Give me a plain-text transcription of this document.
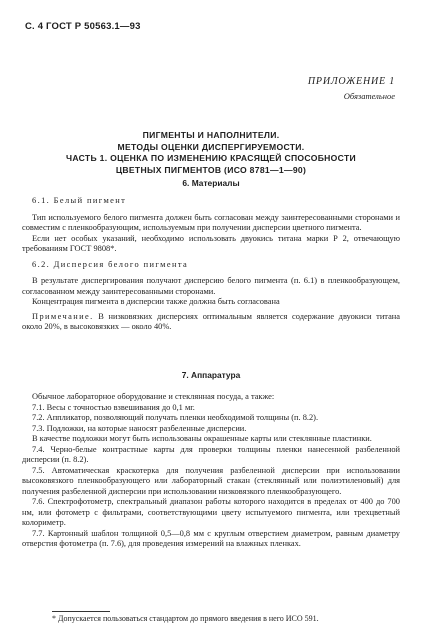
С. 4 ГОСТ Р 50563.1—93
ПРИЛОЖЕНИЕ 1
Обязательное
ПИГМЕНТЫ И НАПОЛНИТЕЛИ.
МЕТОДЫ ОЦЕНКИ ДИСПЕРГИРУЕМОСТИ.
ЧАСТЬ 1. ОЦЕНКА ПО ИЗМЕНЕНИЮ КРАСЯЩЕЙ СПОСОБНОСТИ
ЦВЕТНЫХ ПИГМЕНТОВ (ИСО 8781—1—90)
6. Материалы

6.1. Белый пигмент

Тип используемого белого пигмента должен быть согласован между заинтересованными сторонами и совместим с пленкообразующим, используемым при получении дисперсии цветного пигмента.

Если нет особых указаний, необходимо использовать двуокись титана марки Р 2, отвечающую требованиям ГОСТ 9808*.

6.2. Дисперсия белого пигмента

В результате диспергирования получают дисперсию белого пигмента (п. 6.1) в пленкообразующем, согласованном между заинтересованными сторонами.

Концентрация пигмента в дисперсии также должна быть согласована

Примечание. В низковязких дисперсиях оптимальным является содержание двуокиси титана около 20%, в высоковязких — около 40%.

7. Аппаратура

Обычное лабораторное оборудование и стеклянная посуда, а также:

7.1. Весы с точностью взвешивания до 0,1 мг.

7.2. Аппликатор, позволяющий получать пленки необходимой толщины (п. 8.2).

7.3. Подложки, на которые наносят разбеленные дисперсии.

В качестве подложки могут быть использованы окрашенные карты или стеклянные пластинки.

7.4. Черно-белые контрастные карты для проверки толщины пленки нанесенной разбеленной дисперсии (п. 8.2).

7.5. Автоматическая краскотерка для получения разбеленной дисперсии при использовании высоковязкого пленкообразующего или лабораторный стакан (стеклянный или полиэтиленовый) для получения разбеленной дисперсии при использовании низковязкого пленкообразующего.

7.6. Спектрофотометр, спектральный диапазон работы которого находится в пределах от 400 до 700 нм, или фотометр с фильтрами, соответствующими цвету испытуемого пигмента, или трехцветный колориметр.

7.7. Картонный шаблон толщиной 0,5—0,8 мм с круглым отверстием диаметром, равным диаметру отверстия фотометра (п. 7.6), для проведения измерений на влажных пленках.

* Допускается пользоваться стандартом до прямого введения в него ИСО 591.
